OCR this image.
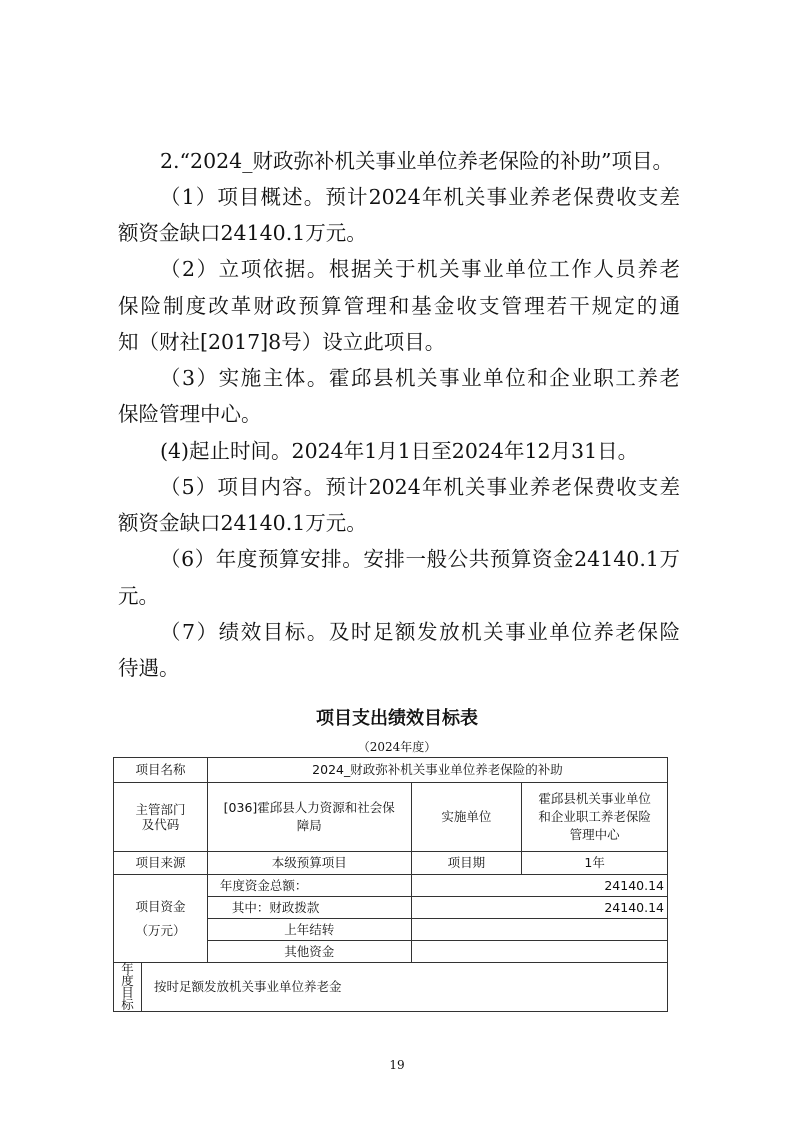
2.“2024_财政弥补机关事业单位养老保险的补助”项目。
（1）项目概述。预计2024年机关事业养老保费收支差
额资金缺口24140.1万元。
（2）立项依据。根据关于机关事业单位工作人员养老
保险制度改革财政预算管理和基金收支管理若干规定的通
知（财社[2017]8号）设立此项目。
（3）实施主体。霍邱县机关事业单位和企业职工养老
保险管理中心。
(4)起止时间。2024年1月1日至2024年12月31日。
（5）项目内容。预计2024年机关事业养老保费收支差
额资金缺口24140.1万元。
（6）年度预算安排。安排一般公共预算资金24140.1万
元。
（7）绩效目标。及时足额发放机关事业单位养老保险
待遇。
项目支出绩效目标表
（2024年度）
项目名称		2024_财政弥补机关事业单位养老保险的补助		

主管部门及代码		[036]霍邱县人力资源和社会保障局	实施单位	霍邱县机关事业单位和企业职工养老保险管理中心
项目来源		本级预算项目	项目期	1年

项目资金
（万元）		年度资金总额：	24140.14	
		其中：财政拨款	24140.14	
		上年结转		
		其他资金		

年度目标	按时足额发放机关事业单位养老金			
19
